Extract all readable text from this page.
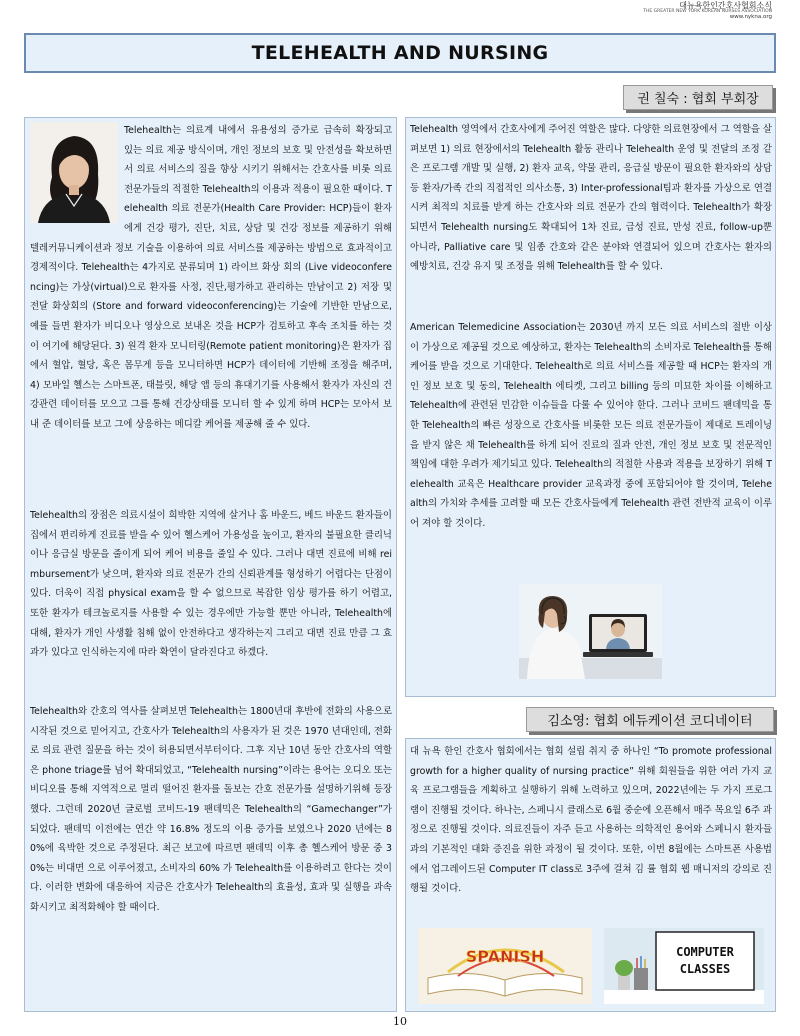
대뉴욕한인간호사협회소식
THE GREATER NEW YORK KOREAN NURSES ASSOCIATION
www.nykna.org
TELEHEALTH AND NURSING
권 칠숙 : 협회 부회장
김소영: 협회 에듀케이션 코디네이터
Telehealth는 의료계 내에서 유용성의 증가로 급속히 확장되고 있는 의료 제공 방식이며, 개인 정보의 보호 및 안전성을 확보하면서 의료 서비스의 질을 향상 시키기 위해서는 간호사를 비롯 의료 전문가들의 적절한 Telehealth의 이용과 적용이 필요한 때이다. Telehealth 의료 전문가(Health Care Provider: HCP)들이 환자에게 건강 평가, 진단, 치료, 상담 및 건강 정보를 제공하기 위해 텔레커뮤니케이션과 정보 기술을 이용하여 의료 서비스를 제공하는 방법으로 효과적이고 경제적이다. Telehealth는 4가지로 분류되며 1) 라이브 화상 회의 (Live videoconferencing)는 가상(virtual)으로 환자를 사정, 진단,평가하고 관리하는 만남이고 2) 저장 및 전달 화상회의 (Store and forward videoconferencing)는 기술에 기반한 만남으로, 예를 들면 환자가 비디오나 영상으로 보내온 것을 HCP가 검토하고 후속 조치를 하는 것이 여기에 해당된다. 3) 원격 환자 모니터링(Remote patient monitoring)은 환자가 집에서 혈압, 혈당, 혹은 몸무게 등을 모니터하면 HCP가 데이터에 기반해 조정을 해주며, 4) 모바일 헬스는 스마트폰, 태블릿, 해당 앱 등의 휴대기기를 사용해서 환자가 자신의 건강관련 데이터를 모으고 그를 통해 건강상태를 모니터 할 수 있게 하며 HCP는 모아서 보내 준 데이터를 보고 그에 상응하는 메디칼 케어를 제공해 줄 수 있다.

Telehealth의 장점은 의료시설이 희박한 지역에 살거나 홈 바운드, 베드 바운드 환자들이 집에서 편리하게 진료를 받을 수 있어 헬스케어 가용성을 높이고, 환자의 불필요한 클리닉이나 응급실 방문을 줄이게 되어 케어 비용을 줄일 수 있다. 그러나 대면 진료에 비해 reimbursement가 낮으며, 환자와 의료 전문가 간의 신뢰관계를 형성하기 어렵다는 단점이 있다. 더욱이 직접 physical exam을 할 수 없으므로 복잡한 임상 평가를 하기 어렵고, 또한 환자가 테크놀로지를 사용할 수 있는 경우에만 가능할 뿐만 아니라, Telehealth에 대해, 환자가 개인 사생활 침해 없이 안전하다고 생각하는지 그리고 대면 진료 만큼 그 효과가 있다고 인식하는지에 따라 확연이 달라진다고 하겠다.

Telehealth와 간호의 역사를 살펴보면 Telehealth는 1800년대 후반에 전화의 사용으로 시작된 것으로 믿어지고, 간호사가 Telehealth의 사용자가 된 것은 1970 년대인데, 전화로 의료 관련 질문을 하는 것이 허용되면서부터이다. 그후 지난 10년 동안 간호사의 역할은 phone triage를 넘어 확대되었고, “Telehealth nursing”이라는 용어는 오디오 또는 비디오를 통해 지역적으로 멀리 떨어진 환자를 돌보는 간호 전문가를 설명하기위해 등장했다. 그런데 2020년 글로벌 코비드-19 팬데믹은 Telehealth의 “Gamechanger”가 되었다. 팬데믹 이전에는 연간 약 16.8% 정도의 이용 증가를 보였으나 2020 년에는 80%에 육박한 것으로 주정된다. 최근 보고에 따르면 팬데믹 이후 총 헬스케어 방문 중 30%는 비대면 으로 이루어졌고, 소비자의 60% 가 Telehealth를 이용하려고 한다는 것이다. 이러한 변화에 대응하여 지금은 간호사가 Telehealth의 효율성, 효과 및 실행을 과속화시키고 최적화해야 할 때이다.

Telehealth 영역에서 간호사에게 주어진 역할은 많다. 다양한 의료현장에서 그 역할을 살펴보면 1) 의료 현장에서의 Telehealth 활동 관리나 Telehealth 운영 및 전달의 조정 같은 프로그램 개발 및 실행, 2) 환자 교육, 약물 관리, 응급실 방문이 필요한 환자와의 상담 등 환자/가족 간의 직접적인 의사소통, 3) Inter-professional팀과 환자를 가상으로 연결시켜 최적의 치료를 받게 하는 간호사와 의료 전문가 간의 협력이다. Telehealth가 확장되면서 Telehealth nursing도 확대되어 1차 진료, 급성 진료, 만성 진료, follow-up뿐 아니라, Palliative care 및 임종 간호와 같은 분야와 연결되어 있으며 간호사는 환자의 예방치료, 건강 유지 및 조정을 위해 Telehealth를 할 수 있다.

American Telemedicine Association는 2030년 까지 모든 의료 서비스의 절반 이상이 가상으로 제공될 것으로 예상하고, 환자는 Telehealth의 소비자로 Telehealth를 통해 케어를 받을 것으로 기대한다. Telehealth로 의료 서비스를 제공할 때 HCP는 환자의 개인 정보 보호 및 동의, Telehealth 에티켓, 그리고 billing 등의 미묘한 차이를 이해하고 Telehealth에 관련된 민감한 이슈들을 다룰 수 있어야 한다. 그러나 코비드 팬데믹을 통한 Telehealth의 빠른 성장으로 간호사를 비롯한 모든 의료 전문가들이 제대로 트레이닝을 받지 않은 채 Telehealth를 하게 되어 진료의 질과 안전, 개인 정보 보호 및 전문적인 책임에 대한 우려가 제기되고 있다. Telehealth의 적절한 사용과 적용을 보장하기 위해 Telehealth 교육은 Healthcare provider 교육과정 중에 포함되어야 할 것이며, Telehealth의 가치와 추세를 고려할 때 모든 간호사들에게 Telehealth 관련 전반적 교육이 이루어 져야 할 것이다.

대 뉴욕 한인 간호사 협회에서는 협회 설립 취지 중 하나인 “To promote professional growth for a higher quality of nursing practice” 위해 회원들을 위한 여러 가지 교육 프로그램들을 계획하고 실행하기 위해 노력하고 있으며, 2022년에는 두 가지 프로그램이 진행될 것이다. 하나는, 스페니시 클래스로 6월 중순에 오픈해서 매주 목요일 6주 과정으로 진행될 것이다. 의료진들이 자주 듣고 사용하는 의학적인 용어와 스페니시 환자들과의 기본적인 대화 증진을 위한 과정이 될 것이다. 또한, 이번 8월에는 스마트폰 사용법에서 업그레이드된 Computer IT class로 3주에 걸쳐 김 률 협회 웹 매니저의 강의로 진행될 것이다.

SPANISH	COMPUTER
CLASSES
10
